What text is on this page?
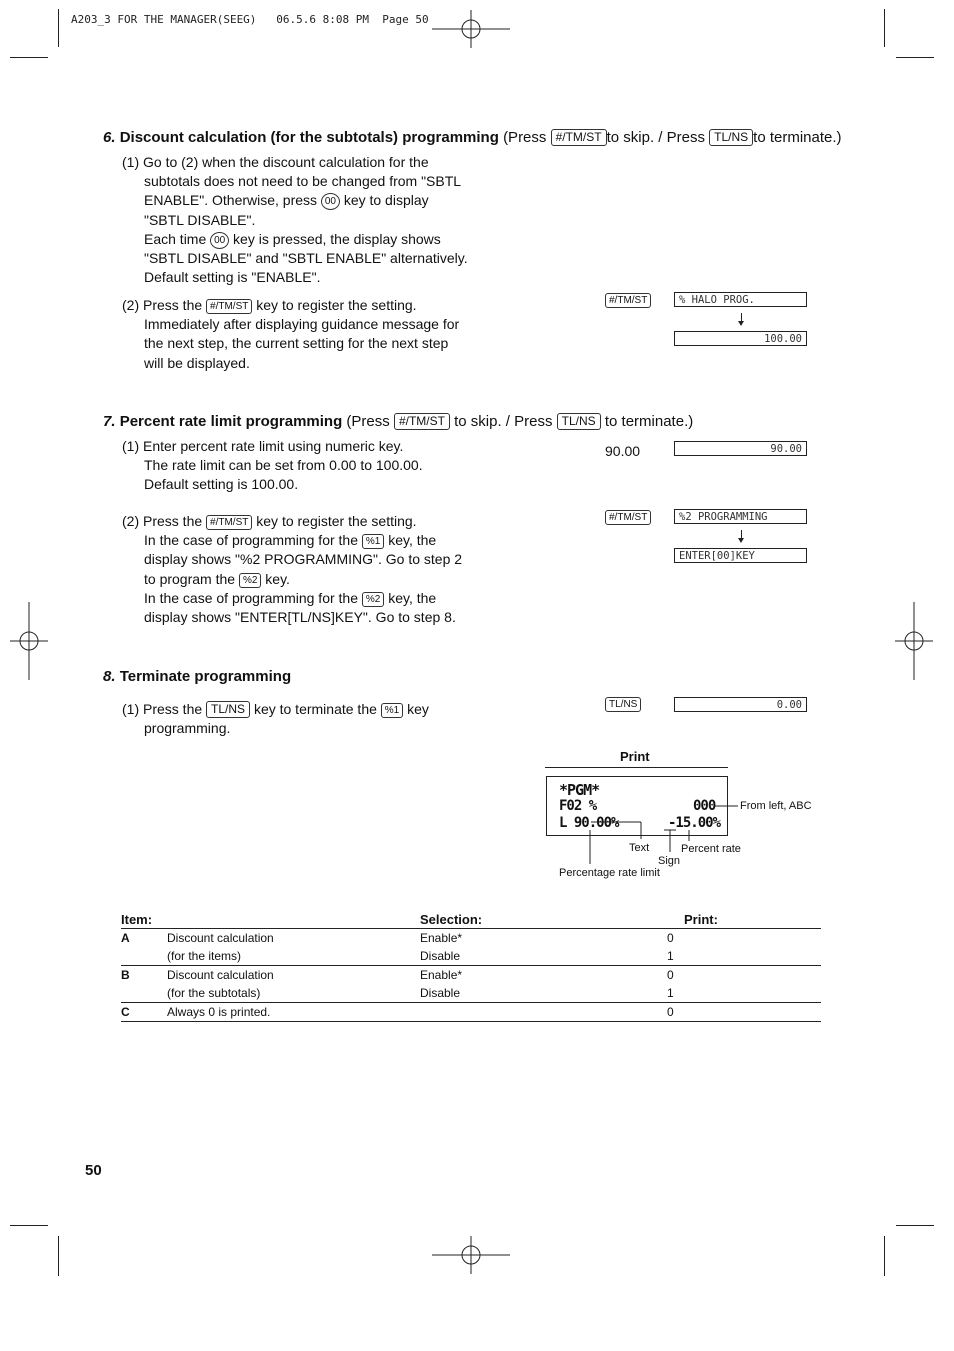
A203_3 FOR THE MANAGER(SEEG)   06.5.6 8:08 PM  Page 50
6. Discount calculation (for the subtotals) programming (Press #/TM/ST to skip. / Press TL/NS to terminate.)
(1) Go to (2) when the discount calculation for the
subtotals does not need to be changed from "SBTL
ENABLE". Otherwise, press 00 key to display
"SBTL DISABLE".
Each time 00 key is pressed, the display shows
"SBTL DISABLE" and "SBTL ENABLE" alternatively.
Default setting is "ENABLE".
(2) Press the #/TM/ST key to register the setting.
Immediately after displaying guidance message for
the next step, the current setting for the next step
will be displayed.
#/TM/ST	% HALO PROG.
100.00
7. Percent rate limit programming (Press #/TM/ST to skip. / Press TL/NS to terminate.)
(1) Enter percent rate limit using numeric key.
The rate limit can be set from 0.00 to 100.00.
Default setting is 100.00.
90.00	90.00
(2) Press the #/TM/ST key to register the setting.
In the case of programming for the %1 key, the
display shows "%2 PROGRAMMING". Go to step 2
to program the %2 key.
In the case of programming for the %2 key, the
display shows "ENTER[TL/NS]KEY". Go to step 8.
#/TM/ST	%2 PROGRAMMING
ENTER[00]KEY
8. Terminate programming
(1) Press the TL/NS key to terminate the %1 key
programming.
TL/NS	0.00
Print
*PGM*
F02 %	000
L 90.00%	-15.00%
From left, ABC
Text	Percent rate
Sign
Percentage rate limit
Item:		Selection:	Print:
A	Discount calculation	Enable*	0
	(for the items)	Disable	1
B	Discount calculation	Enable*	0
	(for the subtotals)	Disable	1
C	Always 0 is printed.		0
50
